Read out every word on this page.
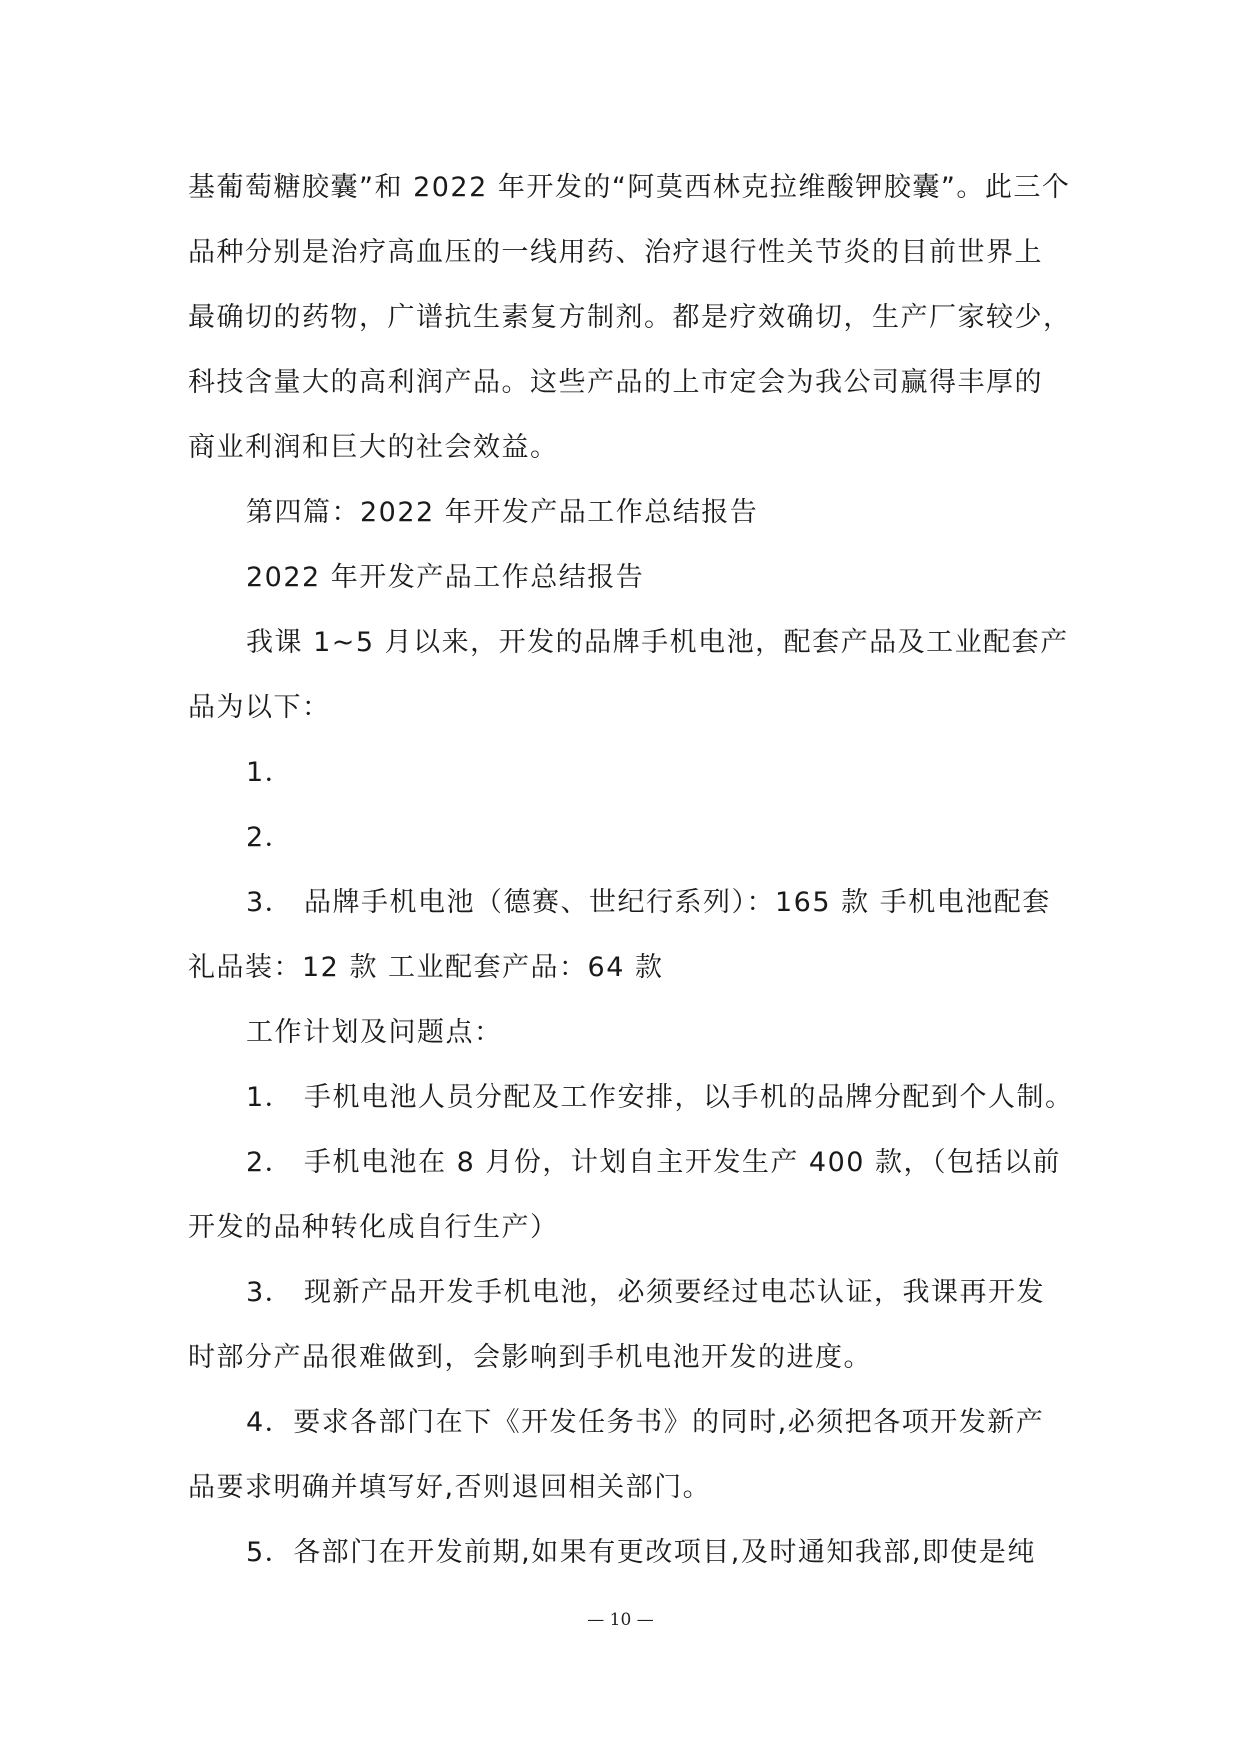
基葡萄糖胶囊”和 2022 年开发的“阿莫西林克拉维酸钾胶囊”。此三个
品种分别是治疗高血压的一线用药、治疗退行性关节炎的目前世界上
最确切的药物，广谱抗生素复方制剂。都是疗效确切，生产厂家较少，
科技含量大的高利润产品。这些产品的上市定会为我公司赢得丰厚的
商业利润和巨大的社会效益。
第四篇：2022 年开发产品工作总结报告
2022 年开发产品工作总结报告
我课 1~5 月以来，开发的品牌手机电池，配套产品及工业配套产
品为以下：
1．
2．
3． 品牌手机电池（德赛、世纪行系列）：165 款 手机电池配套
礼品装：12 款 工业配套产品：64 款
工作计划及问题点：
1． 手机电池人员分配及工作安排，以手机的品牌分配到个人制。
2． 手机电池在 8 月份，计划自主开发生产 400 款，（包括以前
开发的品种转化成自行生产）
3． 现新产品开发手机电池，必须要经过电芯认证，我课再开发
时部分产品很难做到，会影响到手机电池开发的进度。
4．要求各部门在下《开发任务书》的同时,必须把各项开发新产
品要求明确并填写好,否则退回相关部门。
5．各部门在开发前期,如果有更改项目,及时通知我部,即使是纯
— 10 —
